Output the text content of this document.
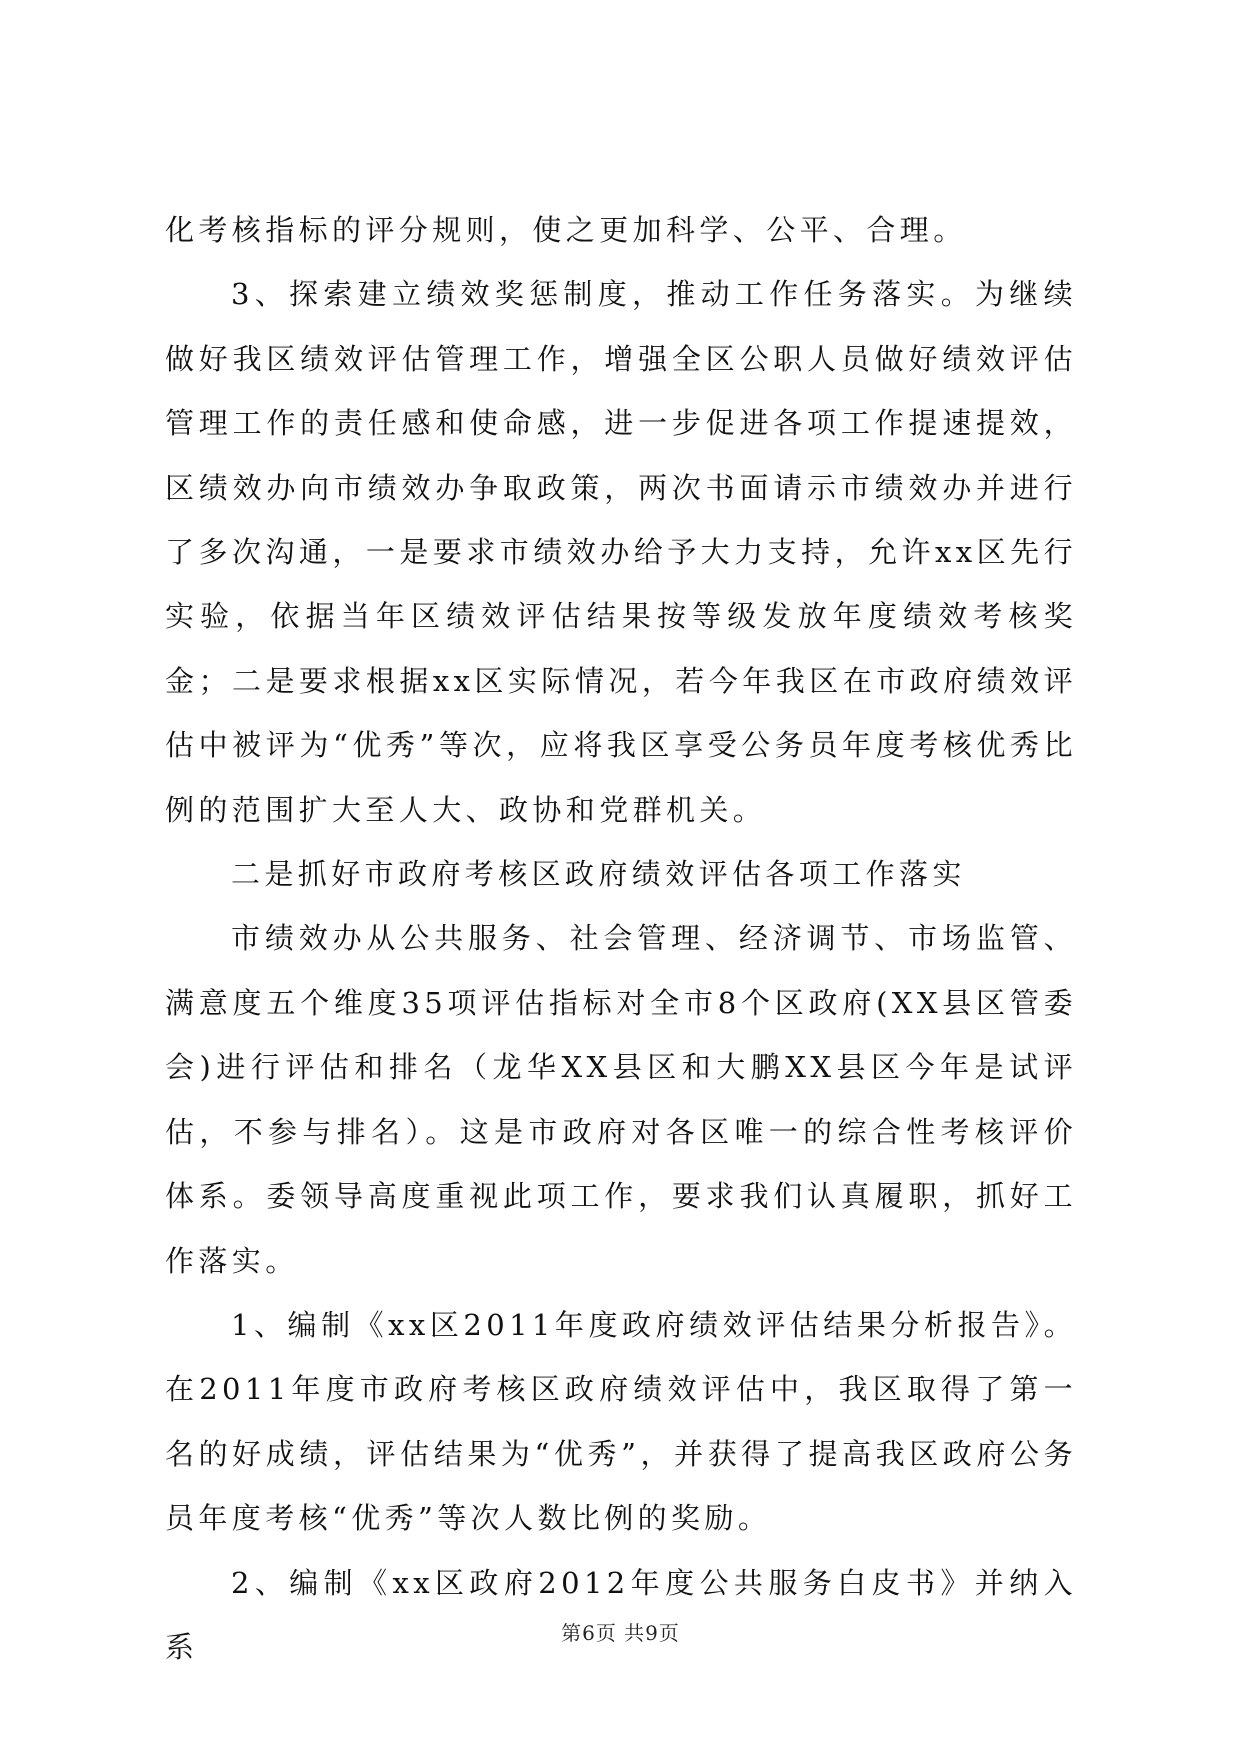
化考核指标的评分规则，使之更加科学、公平、合理。

3、探索建立绩效奖惩制度，推动工作任务落实。为继续做好我区绩效评估管理工作，增强全区公职人员做好绩效评估管理工作的责任感和使命感，进一步促进各项工作提速提效，区绩效办向市绩效办争取政策，两次书面请示市绩效办并进行了多次沟通，一是要求市绩效办给予大力支持，允许xx区先行实验，依据当年区绩效评估结果按等级发放年度绩效考核奖金；二是要求根据xx区实际情况，若今年我区在市政府绩效评估中被评为“优秀”等次，应将我区享受公务员年度考核优秀比例的范围扩大至人大、政协和党群机关。

二是抓好市政府考核区政府绩效评估各项工作落实

市绩效办从公共服务、社会管理、经济调节、市场监管、满意度五个维度35项评估指标对全市8个区政府(XX县区管委会)进行评估和排名（龙华XX县区和大鹏XX县区今年是试评估，不参与排名）。这是市政府对各区唯一的综合性考核评价体系。委领导高度重视此项工作，要求我们认真履职，抓好工作落实。

1、编制《xx区2011年度政府绩效评估结果分析报告》。在2011年度市政府考核区政府绩效评估中，我区取得了第一名的好成绩，评估结果为“优秀”，并获得了提高我区政府公务员年度考核“优秀”等次人数比例的奖励。

2、编制《xx区政府2012年度公共服务白皮书》并纳入系	第6页 共9页
